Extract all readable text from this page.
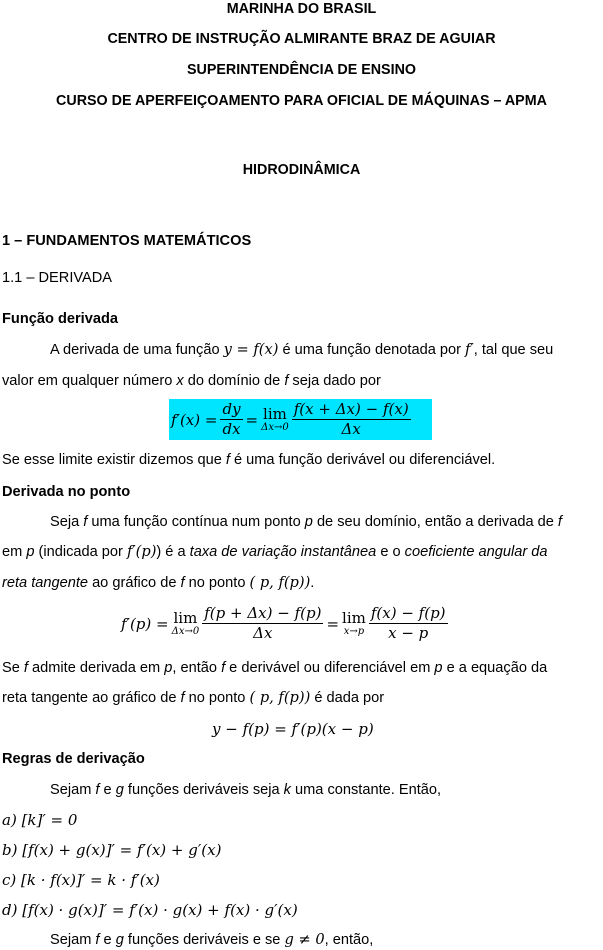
MARINHA DO BRASIL
CENTRO DE INSTRUÇÃO ALMIRANTE BRAZ DE AGUIAR
SUPERINTENDÊNCIA DE ENSINO
CURSO DE APERFEIÇOAMENTO PARA OFICIAL DE MÁQUINAS – APMA
HIDRODINÂMICA
1 – FUNDAMENTOS MATEMÁTICOS
1.1 – DERIVADA
Função derivada
A derivada de uma função y = f(x) é uma função denotada por f′, tal que seu
valor em qualquer número x do domínio de f seja dado por
$f'(x) = \frac{dy}{dx} = \lim$
$\Delta x\to 0 \frac{f(x + \Delta x) - f(x)}{\Delta x}$
Se esse limite existir dizemos que f é uma função derivável ou diferenciável.
Derivada no ponto
Seja f uma função contínua num ponto p de seu domínio, então a derivada de f
em p (indicada por f′(p)) é a taxa de variação instantânea e o coeficiente angular da
reta tangente ao gráfico de f no ponto ( p, f(p)).
f′(p) = lim
$\Delta x\to 0 \frac{f(p + \Delta x) - f(p)}{\Delta x} = \lim$
$x\to p \frac{f(x) - f(p)}{x - p}$
Se f admite derivada em p, então f e derivável ou diferenciável em p e a equação da
reta tangente ao gráfico de f no ponto ( p, f(p)) é dada por
y − f(p) = f′(p)(x − p)
Regras de derivação
Sejam f e g funções deriváveis seja k uma constante. Então,
a) [k]′ = 0
b) [f(x) + g(x)]′ = f′(x) + g′(x)
c) [k · f(x)]′ = k · f′(x)
d) [f(x) · g(x)]′ = f′(x) · g(x) + f(x) · g′(x)
Sejam f e g funções deriváveis e se g ≠ 0, então,
